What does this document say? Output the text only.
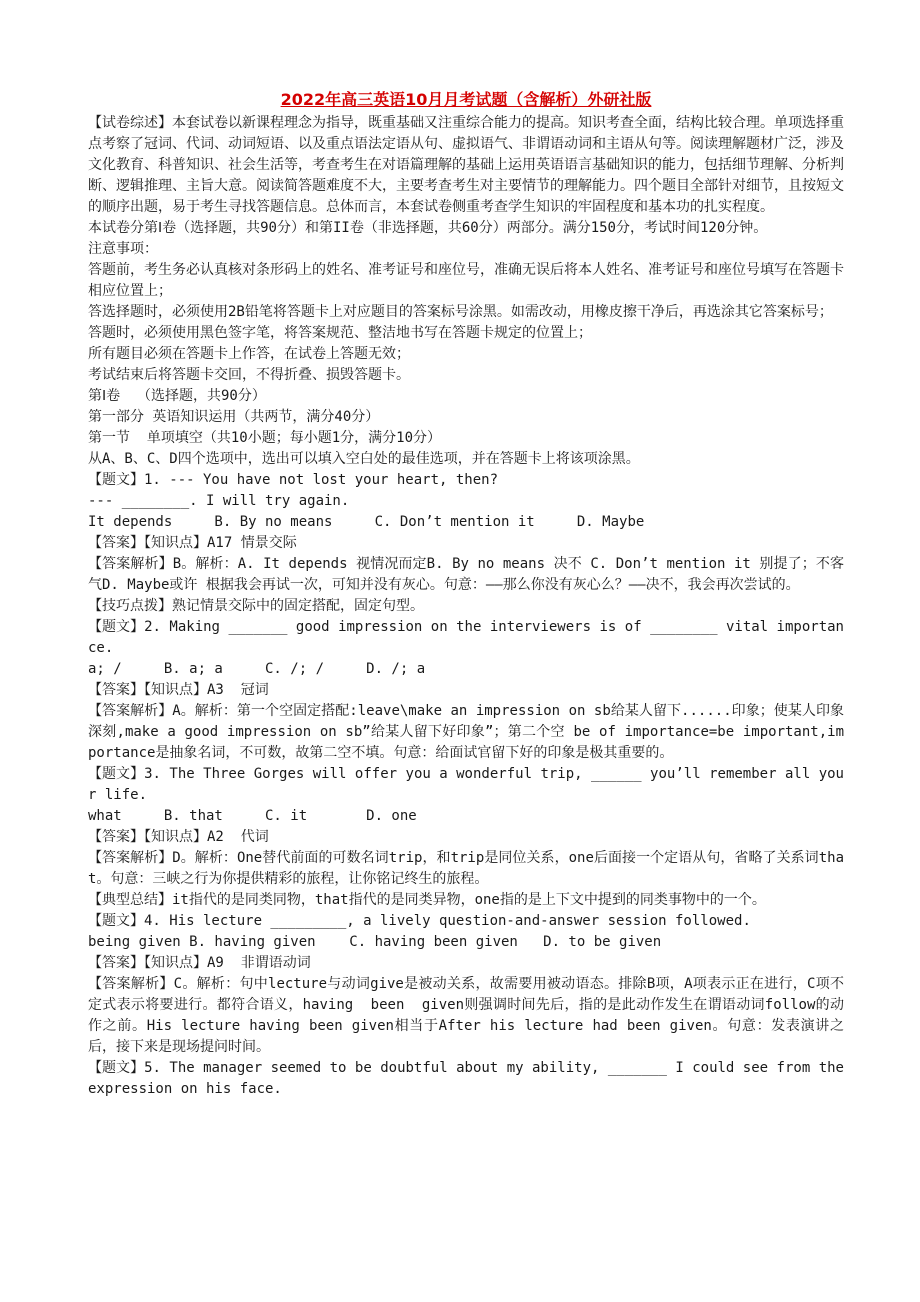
2022年高三英语10月月考试题（含解析）外研社版

【试卷综述】本套试卷以新课程理念为指导，既重基础又注重综合能力的提高。知识考查全面，结构比较合理。单项选择重点考察了冠词、代词、动词短语、以及重点语法定语从句、虚拟语气、非谓语动词和主语从句等。阅读理解题材广泛，涉及文化教育、科普知识、社会生活等，考查考生在对语篇理解的基础上运用英语语言基础知识的能力，包括细节理解、分析判断、逻辑推理、主旨大意。阅读简答题难度不大，主要考查考生对主要情节的理解能力。四个题目全部针对细节，且按短文的顺序出题，易于考生寻找答题信息。总体而言，本套试卷侧重考查学生知识的牢固程度和基本功的扎实程度。

本试卷分第Ⅰ卷（选择题，共90分）和第II卷（非选择题，共60分）两部分。满分150分，考试时间120分钟。

注意事项：

答题前，考生务必认真核对条形码上的姓名、准考证号和座位号，准确无误后将本人姓名、准考证号和座位号填写在答题卡相应位置上；

答选择题时，必须使用2B铅笔将答题卡上对应题目的答案标号涂黑。如需改动，用橡皮擦干净后，再选涂其它答案标号；

答题时，必须使用黑色签字笔，将答案规范、整洁地书写在答题卡规定的位置上；

所有题目必须在答题卡上作答，在试卷上答题无效；

考试结束后将答题卡交回，不得折叠、损毁答题卡。

第Ⅰ卷  （选择题，共90分）

第一部分 英语知识运用（共两节，满分40分）

第一节  单项填空（共10小题；每小题1分，满分10分）

从A、B、C、D四个选项中，选出可以填入空白处的最佳选项，并在答题卡上将该项涂黑。

【题文】1. --- You have not lost your heart, then?

--- ________. I will try again.

It depends     B. By no means     C. Don’t mention it     D. Maybe

【答案】【知识点】A17 情景交际

【答案解析】B。解析：A. It depends 视情况而定B. By no means 决不 C. Don’t mention it 别提了；不客气D. Maybe或许 根据我会再试一次，可知并没有灰心。句意：——那么你没有灰心么？——决不，我会再次尝试的。

【技巧点拨】熟记情景交际中的固定搭配，固定句型。

【题文】2. Making _______ good impression on the interviewers is of ________ vital importance.

a; /     B. a; a     C. /; /     D. /; a

【答案】【知识点】A3  冠词

【答案解析】A。解析：第一个空固定搭配:leave\make an impression on sb给某人留下......印象；使某人印象深刻,make a good impression on sb”给某人留下好印象”；第二个空 be of importance=be important,importance是抽象名词，不可数，故第二空不填。句意：给面试官留下好的印象是极其重要的。

【题文】3. The Three Gorges will offer you a wonderful trip, ______ you’ll remember all your life.

what     B. that     C. it       D. one

【答案】【知识点】A2  代词

【答案解析】D。解析：One替代前面的可数名词trip，和trip是同位关系，one后面接一个定语从句，省略了关系词that。句意：三峡之行为你提供精彩的旅程，让你铭记终生的旅程。

【典型总结】it指代的是同类同物，that指代的是同类异物，one指的是上下文中提到的同类事物中的一个。

【题文】4. His lecture _________, a lively question-and-answer session followed.

being given B. having given    C. having been given   D. to be given

【答案】【知识点】A9  非谓语动词

【答案解析】C。解析：句中lecture与动词give是被动关系，故需要用被动语态。排除B项，A项表示正在进行，C项不定式表示将要进行。都符合语义，having  been  given则强调时间先后，指的是此动作发生在谓语动词follow的动作之前。His lecture having been given相当于After his lecture had been given。句意：发表演讲之后，接下来是现场提问时间。

【题文】5. The manager seemed to be doubtful about my ability, _______ I could see from the expression on his face.
